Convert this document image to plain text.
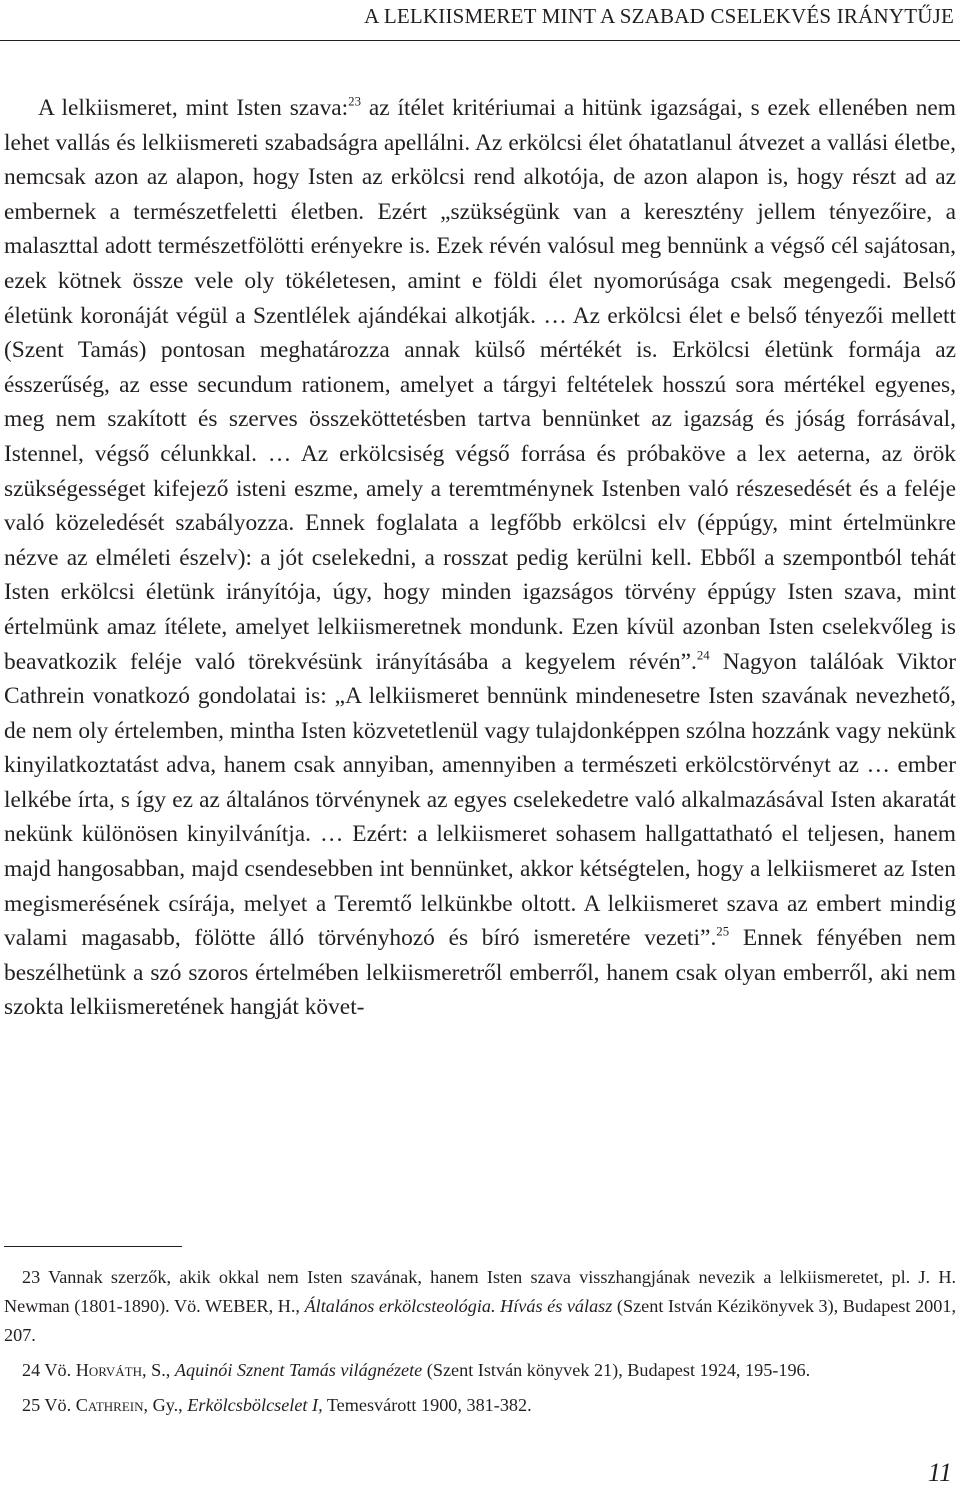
A LELKIISMERET MINT A SZABAD CSELEKVÉS IRÁNYTŰJE

A lelkiismeret, mint Isten szava:$^{23}$ az ítélet kritériumai a hitünk igazságai, s ezek ellenében nem lehet vallás és lelkiismereti szabadságra apellálni. Az erkölcsi élet óhatatlanul átvezet a vallási életbe, nemcsak azon az alapon, hogy Isten az erkölcsi rend alkotója, de azon alapon is, hogy részt ad az embernek a természetfeletti életben. Ezért „szükségünk van a keresztény jellem tényezőire, a malaszttal adott természetfölötti erényekre is. Ezek révén valósul meg bennünk a végső cél sajátosan, ezek kötnek össze vele oly tökéletesen, amint e földi élet nyomorúsága csak megengedi. Belső életünk koronáját végül a Szentlélek ajándékai alkotják. … Az erkölcsi élet e belső tényezői mellett (Szent Tamás) pontosan meghatározza annak külső mértékét is. Erkölcsi életünk formája az ésszerűség, az esse secundum rationem, amelyet a tárgyi feltételek hosszú sora mértékel egyenes, meg nem szakított és szerves összeköttetésben tartva bennünket az igazság és jóság forrásával, Istennel, végső célunkkal. … Az erkölcsiség végső forrása és próbaköve a lex aeterna, az örök szükségességet kifejező isteni eszme, amely a teremtménynek Istenben való részesedését és a feléje való közeledését szabályozza. Ennek foglalata a legfőbb erkölcsi elv (éppúgy, mint értelmünkre nézve az elméleti észelv): a jót cselekedni, a rosszat pedig kerülni kell. Ebből a szempontból tehát Isten erkölcsi életünk irányítója, úgy, hogy minden igazságos törvény éppúgy Isten szava, mint értelmünk amaz ítélete, amelyet lelkiismeretnek mondunk. Ezen kívül azonban Isten cselekvőleg is beavatkozik feléje való törekvésünk irányításába a kegyelem révén”.$^{24}$ Nagyon találóak Viktor Cathrein vonatkozó gondolatai is: „A lelkiismeret bennünk mindenesetre Isten szavának nevezhető, de nem oly értelemben, mintha Isten közvetetlenül vagy tulajdonképpen szólna hozzánk vagy nekünk kinyilatkoztatást adva, hanem csak annyiban, amennyiben a természeti erkölcstörvényt az … ember lelkébe írta, s így ez az általános törvénynek az egyes cselekedetre való alkalmazásával Isten akaratát nekünk különösen kinyilvánítja. … Ezért: a lelkiismeret sohasem hallgattatható el teljesen, hanem majd hangosabban, majd csendesebben int bennünket, akkor kétségtelen, hogy a lelkiismeret az Isten megismerésének csírája, melyet a Teremtő lelkünkbe oltott. A lelkiismeret szava az embert mindig valami magasabb, fölötte álló törvényhozó és bíró ismeretére vezeti”.$^{25}$ Ennek fényében nem beszélhetünk a szó szoros értelmében lelkiismeretről emberről, hanem csak olyan emberről, aki nem szokta lelkiismeretének hangját követ-

23 Vannak szerzők, akik okkal nem Isten szavának, hanem Isten szava visszhangjának nevezik a lelkiismeretet, pl. J. H. Newman (1801-1890). Vö. WEBER, H., Általános erkölcsteológia. Hívás és válasz (Szent István Kézikönyvek 3), Budapest 2001, 207.

24 Vö. Horváth, S., Aquinói Sznent Tamás világnézete (Szent István könyvek 21), Budapest 1924, 195-196.

25 Vö. Cathrein, Gy., Erkölcsbölcselet I, Temesvárott 1900, 381-382.

11
